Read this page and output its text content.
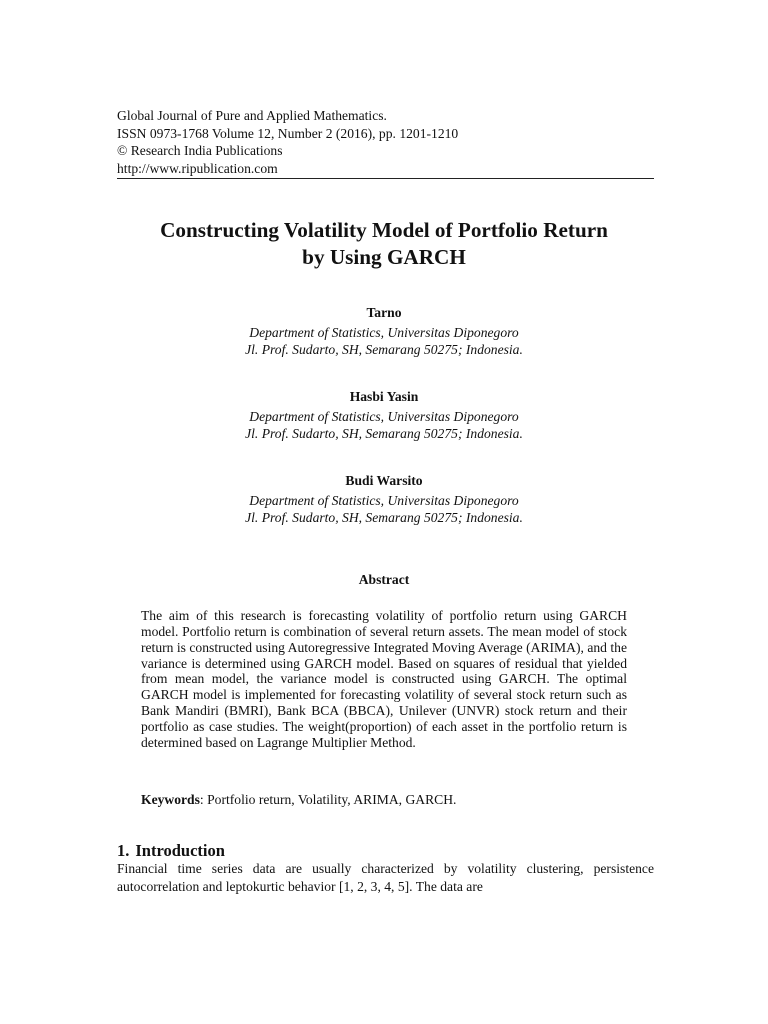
Global Journal of Pure and Applied Mathematics.
ISSN 0973-1768 Volume 12, Number 2 (2016), pp. 1201-1210
© Research India Publications
http://www.ripublication.com
Constructing Volatility Model of Portfolio Return
by Using GARCH
Tarno
Department of Statistics, Universitas Diponegoro
Jl. Prof. Sudarto, SH, Semarang 50275; Indonesia.
Hasbi Yasin
Department of Statistics, Universitas Diponegoro
Jl. Prof. Sudarto, SH, Semarang 50275; Indonesia.
Budi Warsito
Department of Statistics, Universitas Diponegoro
Jl. Prof. Sudarto, SH, Semarang 50275; Indonesia.
Abstract

The aim of this research is forecasting volatility of portfolio return using GARCH model. Portfolio return is combination of several return assets. The mean model of stock return is constructed using Autoregressive Integrated Moving Average (ARIMA), and the variance is determined using GARCH model. Based on squares of residual that yielded from mean model, the variance model is constructed using GARCH. The optimal GARCH model is implemented for forecasting volatility of several stock return such as Bank Mandiri (BMRI), Bank BCA (BBCA), Unilever (UNVR) stock return and their portfolio as case studies. The weight(proportion) of each asset in the portfolio return is determined based on Lagrange Multiplier Method.

Keywords: Portfolio return, Volatility, ARIMA, GARCH.
1. Introduction

Financial time series data are usually characterized by volatility clustering, persistence autocorrelation and leptokurtic behavior [1, 2, 3, 4, 5]. The data are
